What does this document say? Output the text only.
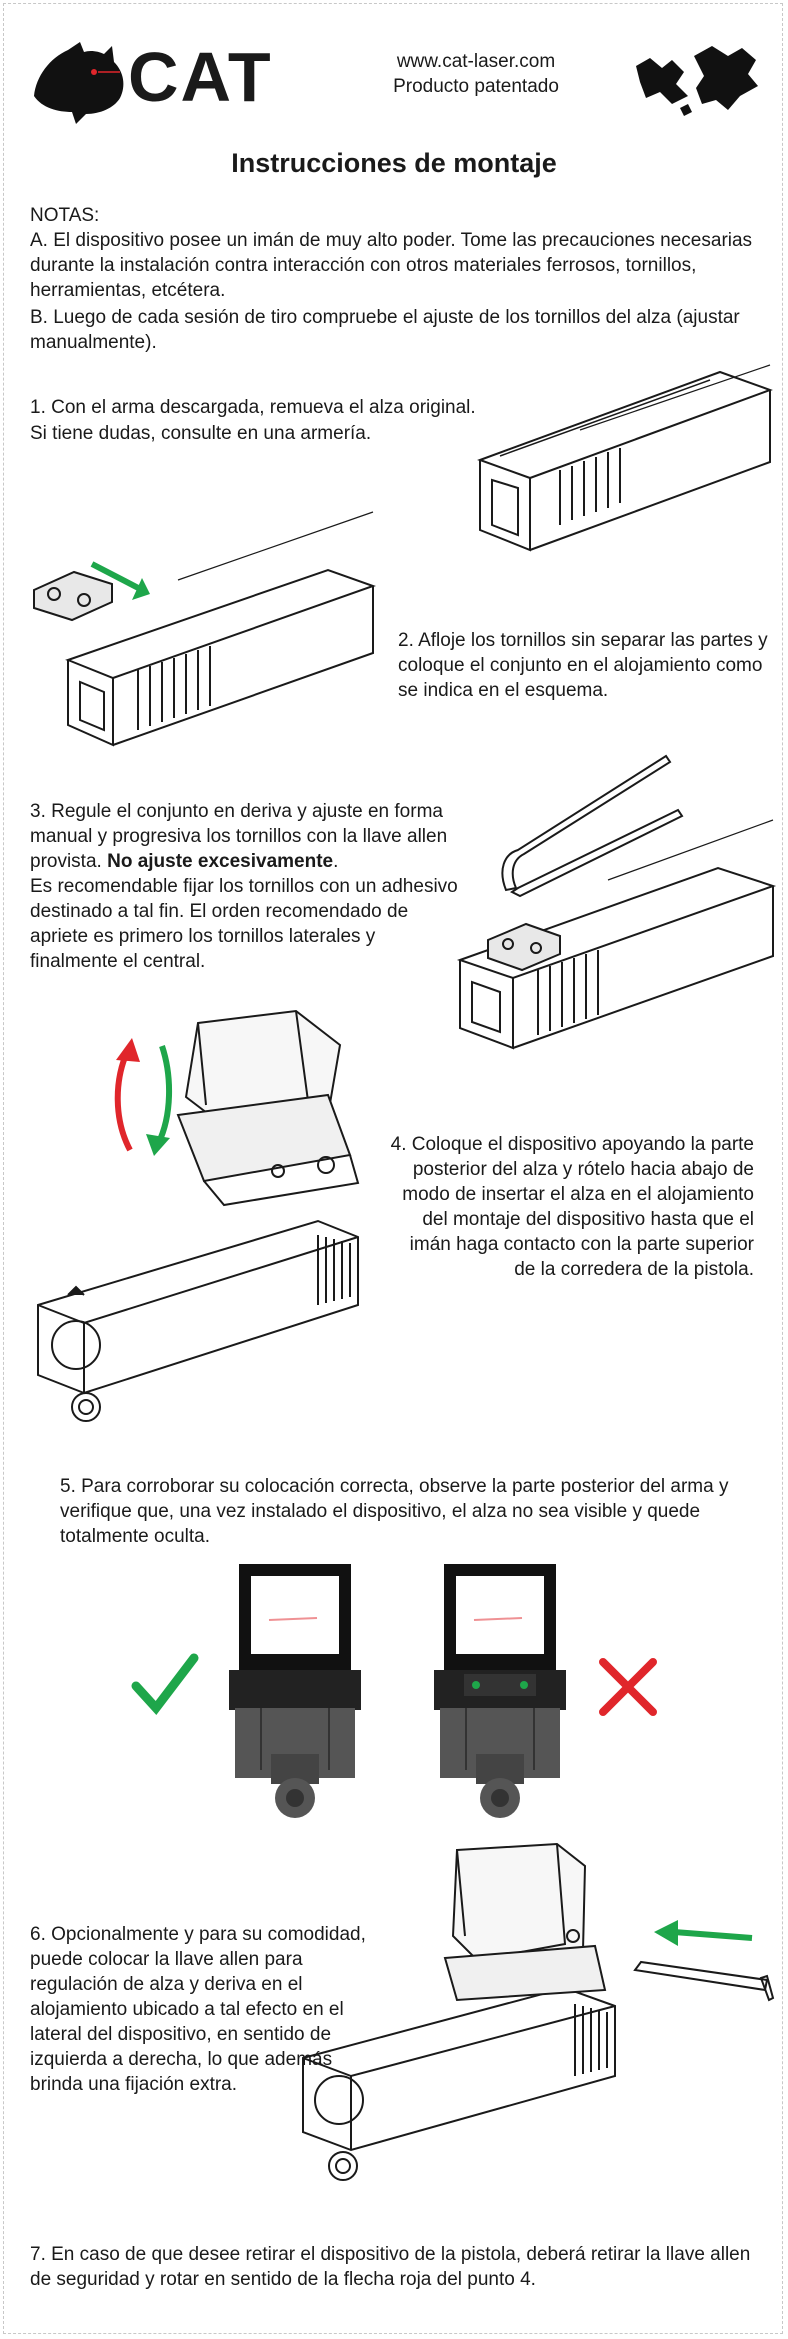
CAT	www.cat-laser.com
Producto patentado
Instrucciones de montaje
NOTAS:
A. El dispositivo posee un imán de muy alto poder. Tome las precauciones necesarias durante la instalación contra interacción con otros materiales ferrosos, tornillos, herramientas, etcétera.
B. Luego de cada sesión de tiro compruebe el ajuste de los tornillos del alza (ajustar manualmente).
1. Con el arma descargada, remueva el alza original.
Si tiene dudas, consulte en una armería.
2. Afloje los tornillos sin separar las partes y coloque el conjunto en el alojamiento como se indica en el esquema.
3. Regule el conjunto en deriva y ajuste en forma manual y progresiva los tornillos con la llave allen provista. No ajuste excesivamente.
Es recomendable fijar los tornillos con un adhesivo destinado a tal fin. El orden recomendado de apriete es primero los tornillos laterales y finalmente el central.
4. Coloque el dispositivo apoyando la parte posterior del alza y rótelo hacia abajo de modo de insertar el alza en el alojamiento del montaje del dispositivo hasta que el imán haga contacto con la parte superior de la corredera de la pistola.
5. Para corroborar su colocación correcta, observe la parte posterior del arma y verifique que, una vez instalado el dispositivo, el alza no sea visible y quede totalmente oculta.
6. Opcionalmente y para su comodidad, puede colocar la llave allen para regulación de alza y deriva en el alojamiento ubicado a tal efecto en el lateral del dispositivo, en sentido de izquierda a derecha, lo que además brinda una fijación extra.
7. En caso de que desee retirar el dispositivo de la pistola, deberá retirar la llave allen de seguridad y rotar en sentido de la flecha roja del punto 4.
